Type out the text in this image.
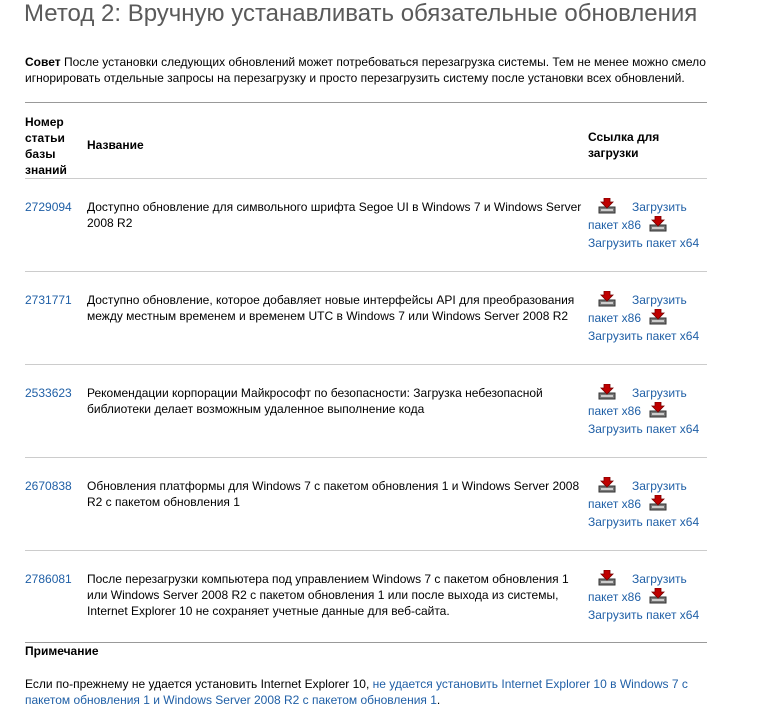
Метод 2: Вручную устанавливать обязательные обновления
Совет После установки следующих обновлений может потребоваться перезагрузка системы. Тем не менее можно смело игнорировать отдельные запросы на перезагрузку и просто перезагрузить систему после установки всех обновлений.
Номер статьи базы знаний
Название
Ссылка для загрузки
2729094 Доступно обновление для символьного шрифта Segoe UI в Windows 7 и Windows Server 2008 R2
Загрузить пакет x86
Загрузить пакет x64
2731771 Доступно обновление, которое добавляет новые интерфейсы API для преобразования между местным временем и временем UTC в Windows 7 или Windows Server 2008 R2
Загрузить пакет x86
Загрузить пакет x64
2533623 Рекомендации корпорации Майкрософт по безопасности: Загрузка небезопасной библиотеки делает возможным удаленное выполнение кода
Загрузить пакет x86
Загрузить пакет x64
2670838 Обновления платформы для Windows 7 с пакетом обновления 1 и Windows Server 2008 R2 с пакетом обновления 1
Загрузить пакет x86
Загрузить пакет x64
2786081 После перезагрузки компьютера под управлением Windows 7 с пакетом обновления 1 или Windows Server 2008 R2 с пакетом обновления 1 или после выхода из системы, Internet Explorer 10 не сохраняет учетные данные для веб-сайта.
Загрузить пакет x86
Загрузить пакет x64
Примечание
Если по-прежнему не удается установить Internet Explorer 10, не удается установить Internet Explorer 10 в Windows 7 с пакетом обновления 1 и Windows Server 2008 R2 с пакетом обновления 1.
